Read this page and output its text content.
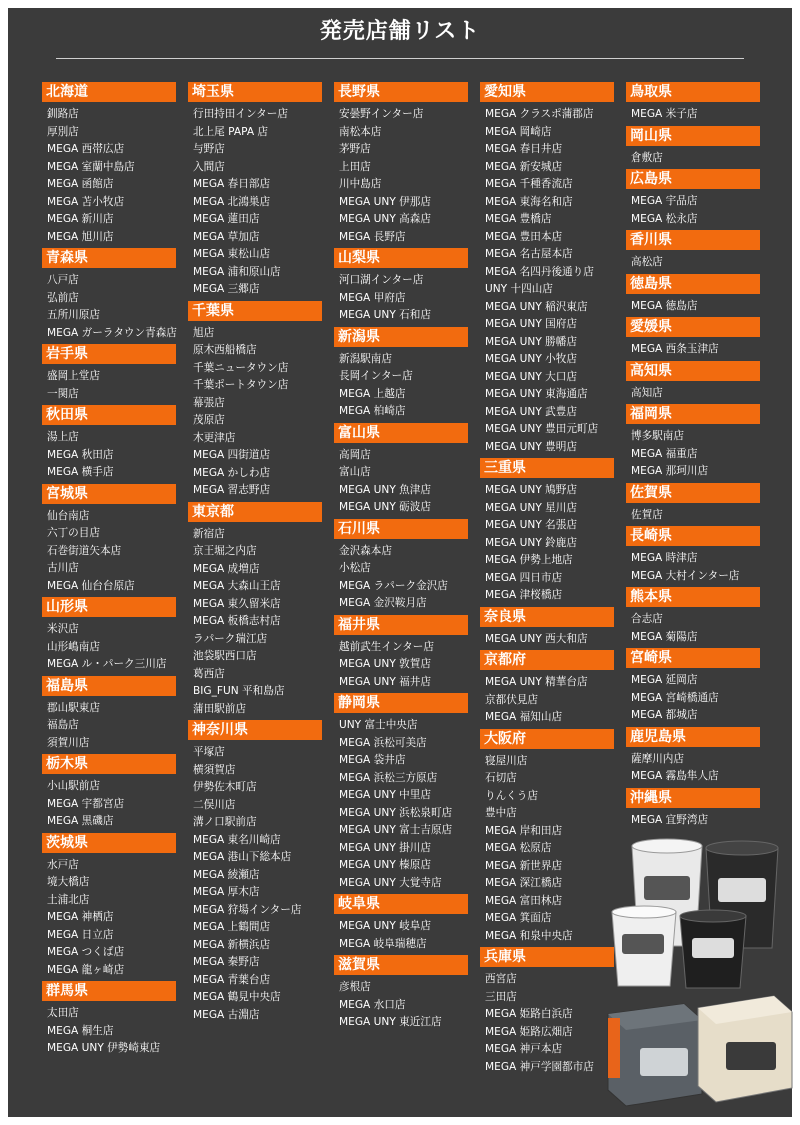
発売店舗リスト
北海道
釧路店
厚別店
MEGA 西帯広店
MEGA 室蘭中島店
MEGA 函館店
MEGA 苫小牧店
MEGA 新川店
MEGA 旭川店
青森県
八戸店
弘前店
五所川原店
MEGA ガーラタウン青森店
岩手県
盛岡上堂店
一関店
秋田県
湯上店
MEGA 秋田店
MEGA 横手店
宮城県
仙台南店
六丁の目店
石巻街道矢本店
古川店
MEGA 仙台台原店
山形県
米沢店
山形嶋南店
MEGA ル・パーク三川店
福島県
郡山駅東店
福島店
須賀川店
栃木県
小山駅前店
MEGA 宇都宮店
MEGA 黒磯店
茨城県
水戸店
境大橋店
土浦北店
MEGA 神栖店
MEGA 日立店
MEGA つくば店
MEGA 龍ヶ崎店
群馬県
太田店
MEGA 桐生店
MEGA UNY 伊勢崎東店
埼玉県
行田持田インター店
北上尾 PAPA 店
与野店
入間店
MEGA 春日部店
MEGA 北鴻巣店
MEGA 蓮田店
MEGA 草加店
MEGA 東松山店
MEGA 浦和原山店
MEGA 三郷店
千葉県
旭店
原木西船橋店
千葉ニュータウン店
千葉ポートタウン店
幕張店
茂原店
木更津店
MEGA 四街道店
MEGA かしわ店
MEGA 習志野店
東京都
新宿店
京王堀之内店
MEGA 成増店
MEGA 大森山王店
MEGA 東久留米店
MEGA 板橋志村店
ラパーク瑞江店
池袋駅西口店
葛西店
BIG_FUN 平和島店
蒲田駅前店
神奈川県
平塚店
横須賀店
伊勢佐木町店
二俣川店
溝ノ口駅前店
MEGA 東名川崎店
MEGA 港山下総本店
MEGA 綾瀬店
MEGA 厚木店
MEGA 狩場インター店
MEGA 上鶴間店
MEGA 新横浜店
MEGA 秦野店
MEGA 青葉台店
MEGA 鶴見中央店
MEGA 古淵店
長野県
安曇野インター店
南松本店
茅野店
上田店
川中島店
MEGA UNY 伊那店
MEGA UNY 高森店
MEGA 長野店
山梨県
河口湖インター店
MEGA 甲府店
MEGA UNY 石和店
新潟県
新潟駅南店
長岡インター店
MEGA 上越店
MEGA 柏崎店
富山県
高岡店
富山店
MEGA UNY 魚津店
MEGA UNY 砺波店
石川県
金沢森本店
小松店
MEGA ラパーク金沢店
MEGA 金沢鞍月店
福井県
越前武生インター店
MEGA UNY 敦賀店
MEGA UNY 福井店
静岡県
UNY 富士中央店
MEGA 浜松可美店
MEGA 袋井店
MEGA 浜松三方原店
MEGA UNY 中里店
MEGA UNY 浜松泉町店
MEGA UNY 富士吉原店
MEGA UNY 掛川店
MEGA UNY 榛原店
MEGA UNY 大覚寺店
岐阜県
MEGA UNY 岐阜店
MEGA 岐阜瑞穂店
滋賀県
彦根店
MEGA 水口店
MEGA UNY 東近江店
愛知県
MEGA クラスポ蒲郡店
MEGA 岡崎店
MEGA 春日井店
MEGA 新安城店
MEGA 千種香流店
MEGA 東海名和店
MEGA 豊橋店
MEGA 豊田本店
MEGA 名古屋本店
MEGA 名四丹後通り店
UNY 十四山店
MEGA UNY 稲沢東店
MEGA UNY 国府店
MEGA UNY 勝幡店
MEGA UNY 小牧店
MEGA UNY 大口店
MEGA UNY 東海通店
MEGA UNY 武豊店
MEGA UNY 豊田元町店
MEGA UNY 豊明店
三重県
MEGA UNY 鳩野店
MEGA UNY 星川店
MEGA UNY 名張店
MEGA UNY 鈴鹿店
MEGA 伊勢上地店
MEGA 四日市店
MEGA 津桜橋店
奈良県
MEGA UNY 西大和店
京都府
MEGA UNY 精華台店
京都伏見店
MEGA 福知山店
大阪府
寝屋川店
石切店
りんくう店
豊中店
MEGA 岸和田店
MEGA 松原店
MEGA 新世界店
MEGA 深江橋店
MEGA 富田林店
MEGA 箕面店
MEGA 和泉中央店
兵庫県
西宮店
三田店
MEGA 姫路白浜店
MEGA 姫路広畑店
MEGA 神戸本店
MEGA 神戸学園都市店
鳥取県
MEGA 米子店
岡山県
倉敷店
広島県
MEGA 宇品店
MEGA 松永店
香川県
高松店
徳島県
MEGA 徳島店
愛媛県
MEGA 西条玉津店
高知県
高知店
福岡県
博多駅南店
MEGA 福重店
MEGA 那珂川店
佐賀県
佐賀店
長崎県
MEGA 時津店
MEGA 大村インター店
熊本県
合志店
MEGA 菊陽店
宮崎県
MEGA 延岡店
MEGA 宮崎橋通店
MEGA 都城店
鹿児島県
薩摩川内店
MEGA 霧島隼人店
沖縄県
MEGA 宜野湾店
